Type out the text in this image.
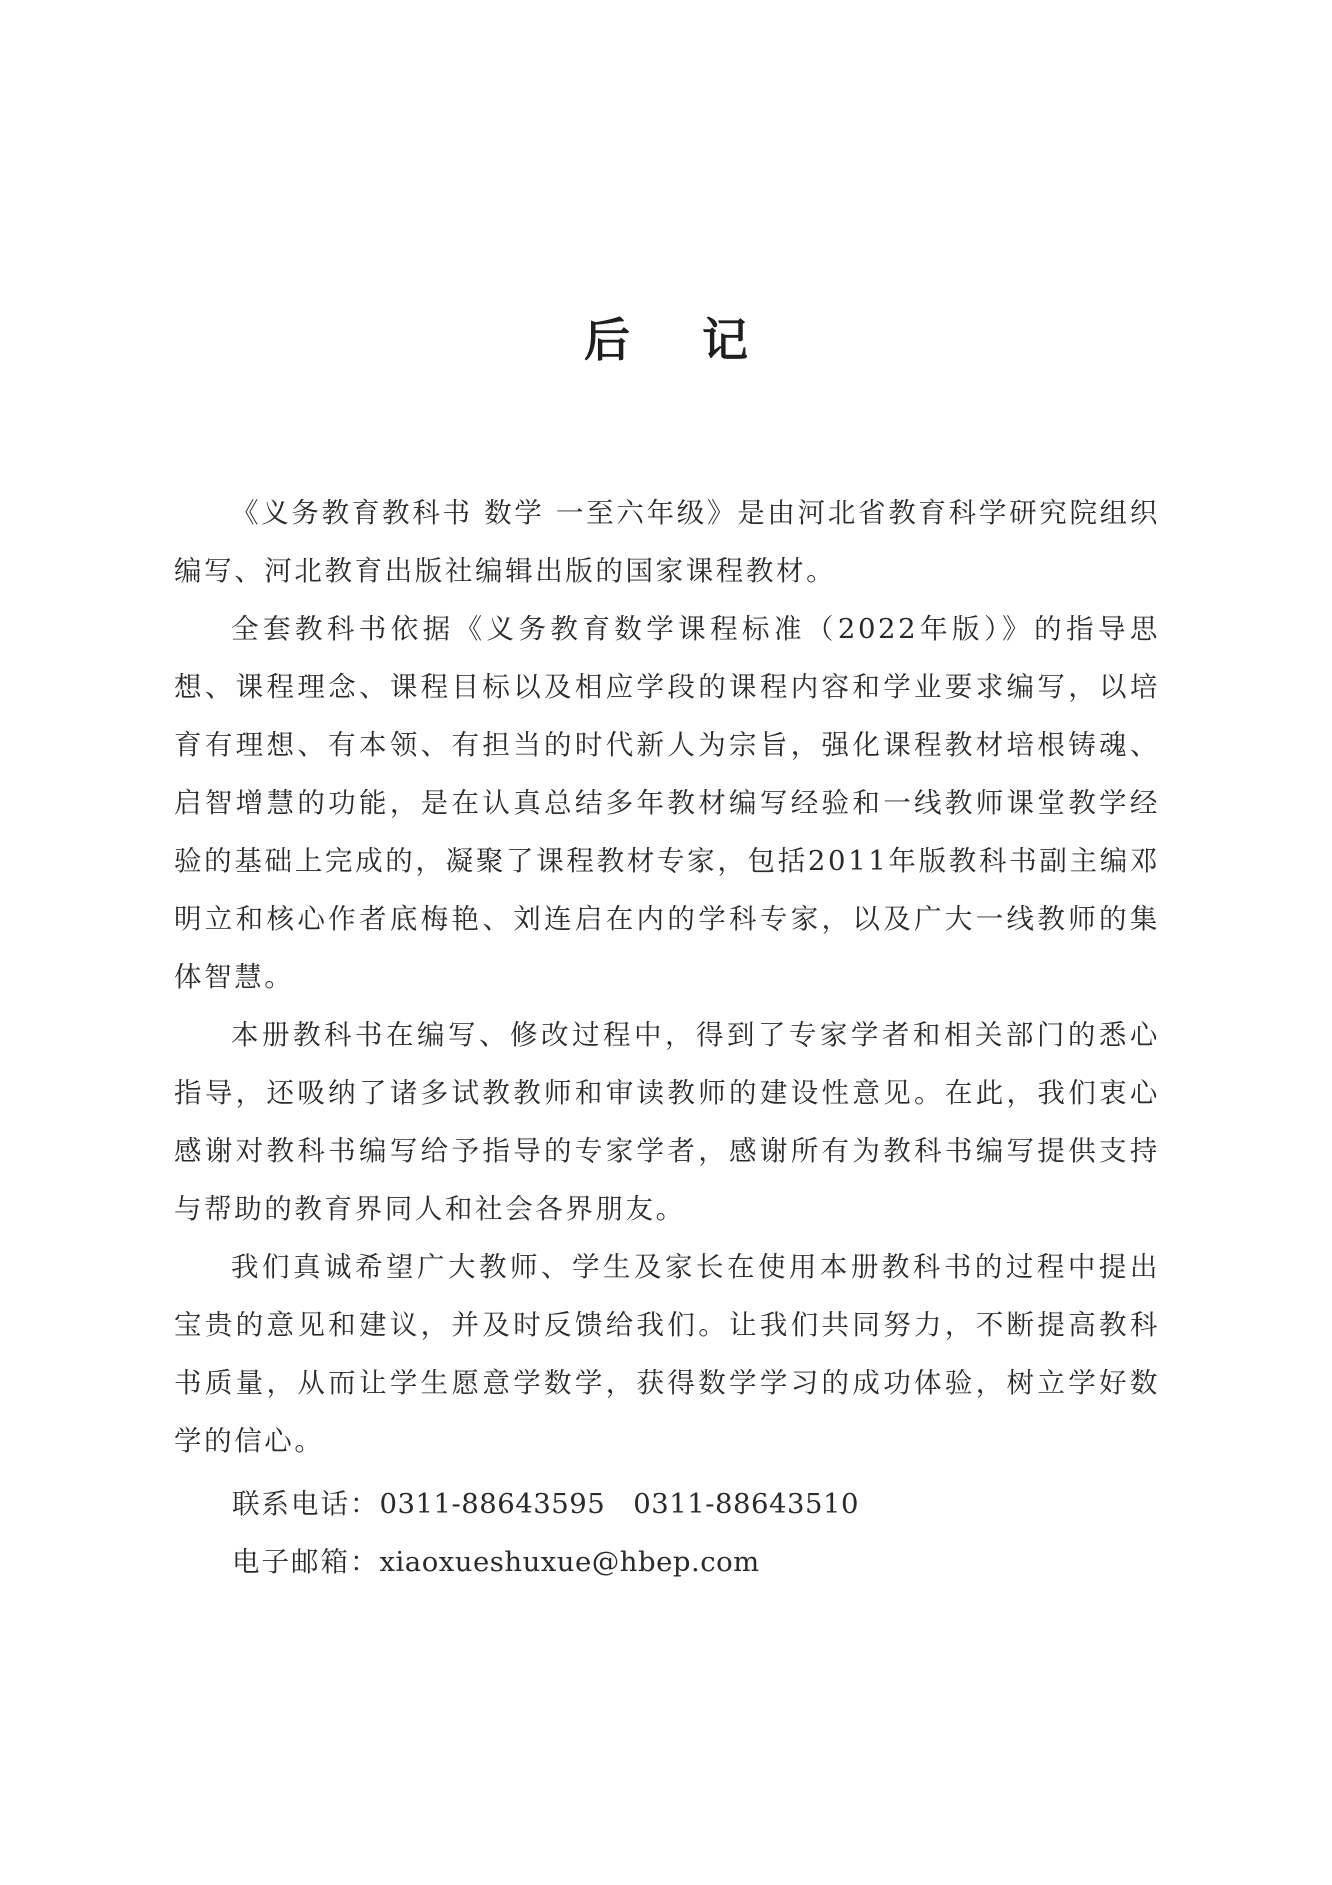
后记

《义务教育教科书 数学 一至六年级》是由河北省教育科学研究院组织编写、河北教育出版社编辑出版的国家课程教材。

全套教科书依据《义务教育数学课程标准（2022年版）》的指导思想、课程理念、课程目标以及相应学段的课程内容和学业要求编写，以培育有理想、有本领、有担当的时代新人为宗旨，强化课程教材培根铸魂、启智增慧的功能，是在认真总结多年教材编写经验和一线教师课堂教学经验的基础上完成的，凝聚了课程教材专家，包括2011年版教科书副主编邓明立和核心作者底梅艳、刘连启在内的学科专家，以及广大一线教师的集体智慧。

本册教科书在编写、修改过程中，得到了专家学者和相关部门的悉心指导，还吸纳了诸多试教教师和审读教师的建设性意见。在此，我们衷心感谢对教科书编写给予指导的专家学者，感谢所有为教科书编写提供支持与帮助的教育界同人和社会各界朋友。

我们真诚希望广大教师、学生及家长在使用本册教科书的过程中提出宝贵的意见和建议，并及时反馈给我们。让我们共同努力，不断提高教科书质量，从而让学生愿意学数学，获得数学学习的成功体验，树立学好数学的信心。

联系电话：0311-88643595 0311-88643510
电子邮箱：xiaoxueshuxue@hbep.com
